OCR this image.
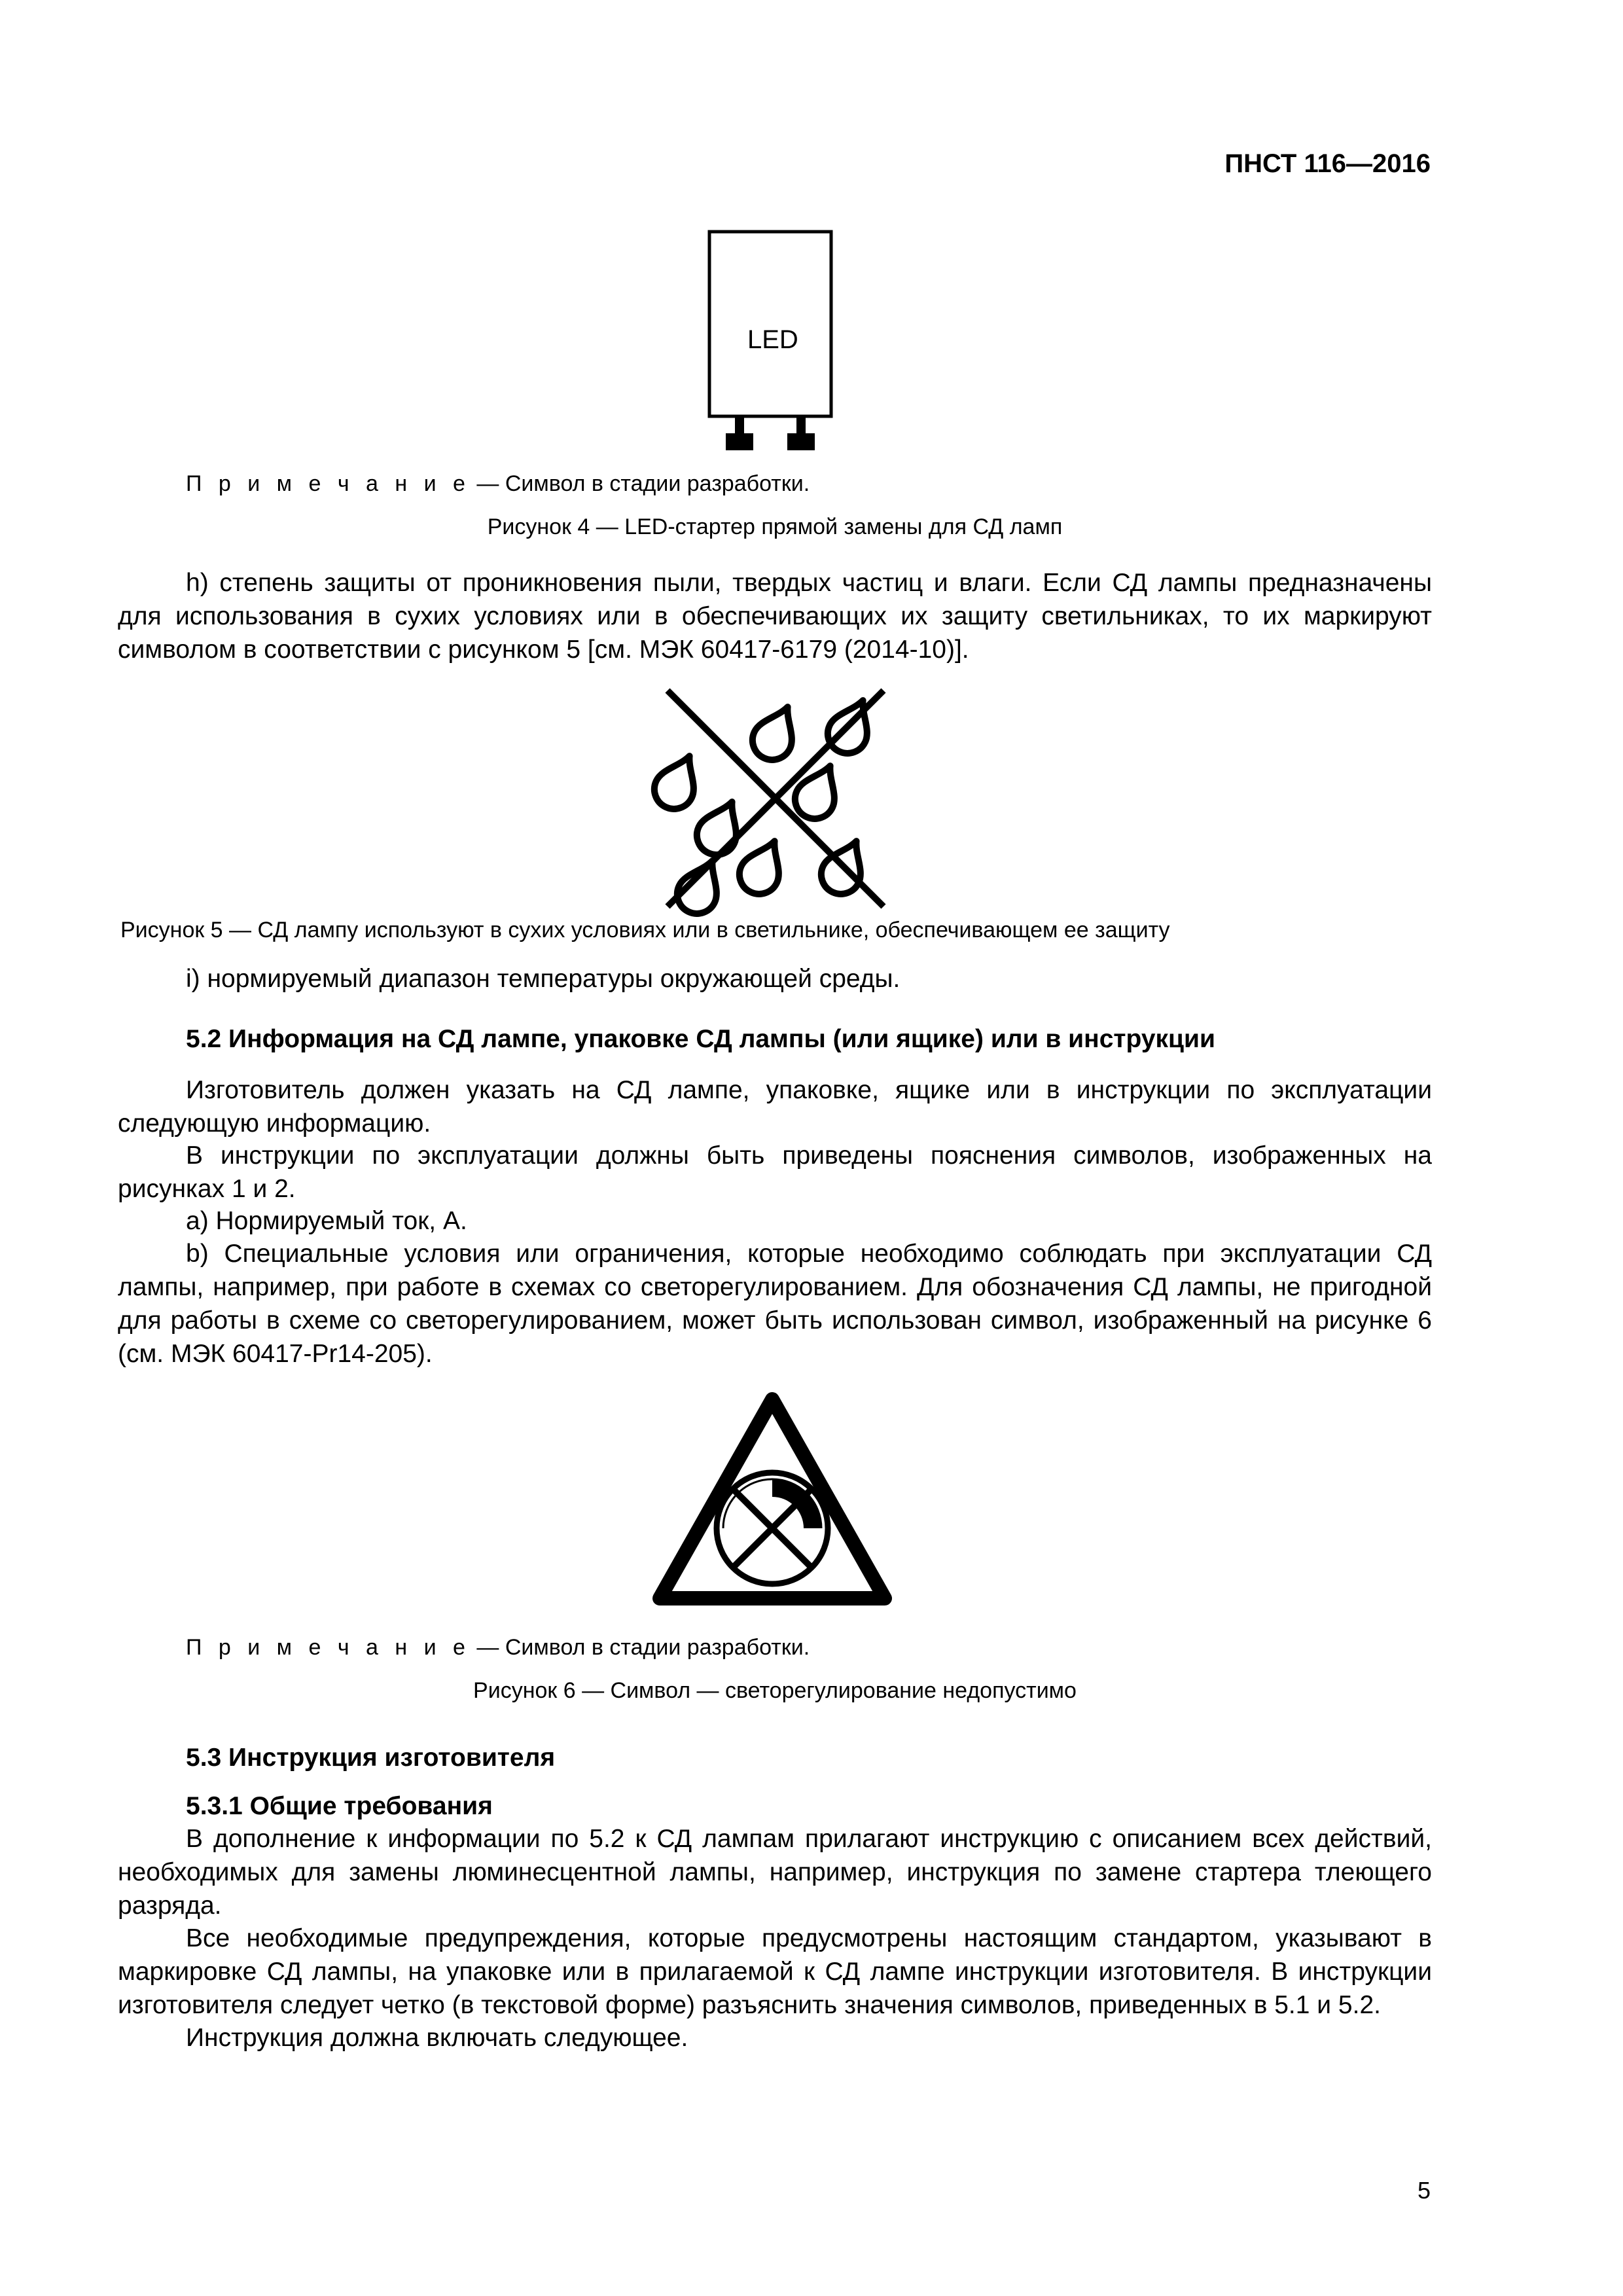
ПНСТ 116—2016
LED
П р и м е ч а н и е — Символ в стадии разработки.
Рисунок 4 — LED-стартер прямой замены для СД ламп

h) степень защиты от проникновения пыли, твердых частиц и влаги. Если СД лампы предназначены для использования в сухих условиях или в обеспечивающих их защиту светильниках, то их маркируют символом в соответствии с рисунком 5 [см. МЭК 60417-6179 (2014-10)].

Рисунок 5 — СД лампу используют в сухих условиях или в светильнике, обеспечивающем ее защиту

i) нормируемый диапазон температуры окружающей среды.

5.2 Информация на СД лампе, упаковке СД лампы (или ящике) или в инструкции

Изготовитель должен указать на СД лампе, упаковке, ящике или в инструкции по эксплуатации следующую информацию.

В инструкции по эксплуатации должны быть приведены пояснения символов, изображенных на рисунках 1 и 2.

a) Нормируемый ток, А.

b) Специальные условия или ограничения, которые необходимо соблюдать при эксплуатации СД лампы, например, при работе в схемах со светорегулированием. Для обозначения СД лампы, не пригодной для работы в схеме со светорегулированием, может быть использован символ, изображенный на рисунке 6 (см. МЭК 60417-Pr14-205).

П р и м е ч а н и е — Символ в стадии разработки.
Рисунок 6 — Символ — светорегулирование недопустимо
5.3 Инструкция изготовителя
5.3.1 Общие требования

В дополнение к информации по 5.2 к СД лампам прилагают инструкцию с описанием всех действий, необходимых для замены люминесцентной лампы, например, инструкция по замене стартера тлеющего разряда.

Все необходимые предупреждения, которые предусмотрены настоящим стандартом, указывают в маркировке СД лампы, на упаковке или в прилагаемой к СД лампе инструкции изготовителя. В инструкции изготовителя следует четко (в текстовой форме) разъяснить значения символов, приведенных в 5.1 и 5.2.

Инструкция должна включать следующее.

5
